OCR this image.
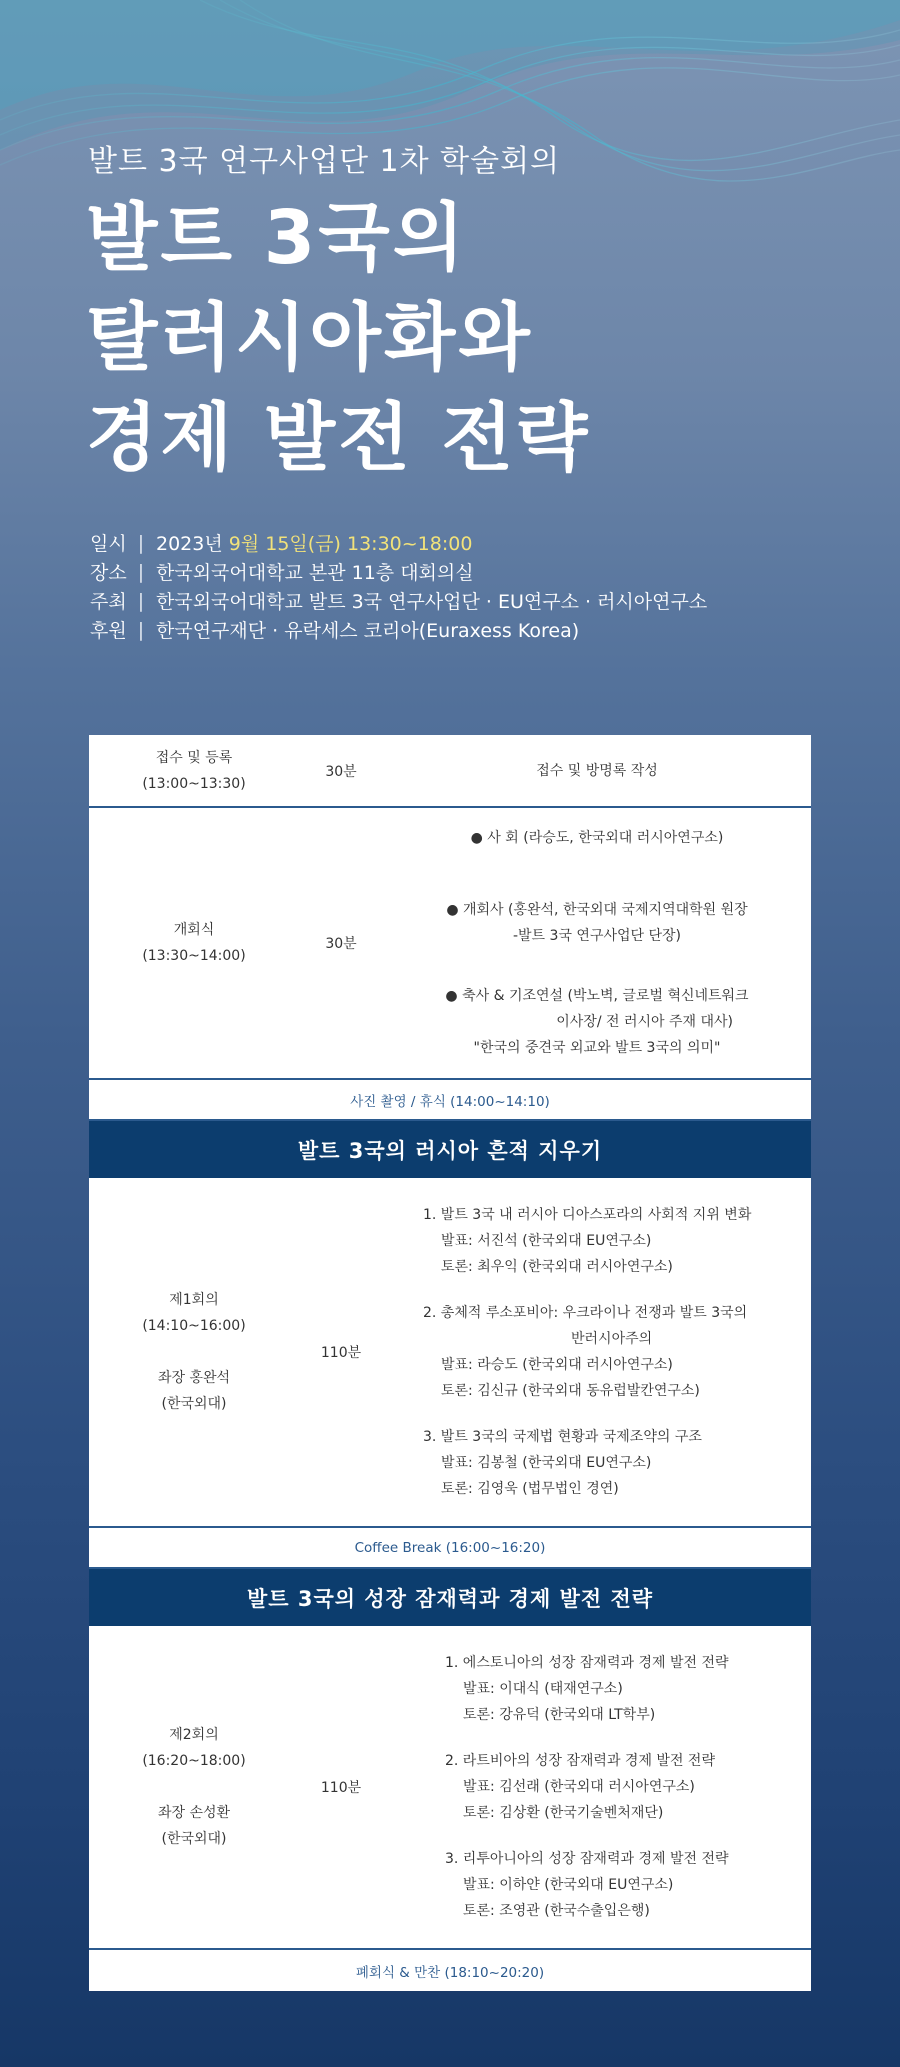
발트 3국 연구사업단 1차 학술회의
발트 3국의
탈러시아화와
경제 발전 전략
일시 | 2023년 9월 15일(금) 13:30~18:00
장소 | 한국외국어대학교 본관 11층 대회의실
주최 | 한국외국어대학교 발트 3국 연구사업단 · EU연구소 · 러시아연구소
후원 | 한국연구재단 · 유락세스 코리아(Euraxess Korea)
접수 및 등록
(13:00~13:30)
30분	접수 및 방명록 작성
개회식
(13:30~14:00)
30분
● 사 회 (라승도, 한국외대 러시아연구소)
● 개회사 (홍완석, 한국외대 국제지역대학원 원장
-발트 3국 연구사업단 단장)
● 축사 & 기조연설 (박노벽, 글로벌 혁신네트워크
이사장/ 전 러시아 주재 대사)
"한국의 중견국 외교와 발트 3국의 의미"
사진 촬영 / 휴식 (14:00~14:10)
발트 3국의 러시아 흔적 지우기
제1회의
(14:10~16:00)
좌장 홍완석
(한국외대)
110분
1. 발트 3국 내 러시아 디아스포라의 사회적 지위 변화
발표: 서진석 (한국외대 EU연구소)
토론: 최우익 (한국외대 러시아연구소)
2. 총체적 루소포비아: 우크라이나 전쟁과 발트 3국의
반러시아주의
발표: 라승도 (한국외대 러시아연구소)
토론: 김신규 (한국외대 동유럽발칸연구소)
3. 발트 3국의 국제법 현황과 국제조약의 구조
발표: 김봉철 (한국외대 EU연구소)
토론: 김영욱 (법무법인 경연)
Coffee Break (16:00~16:20)
발트 3국의 성장 잠재력과 경제 발전 전략
제2회의
(16:20~18:00)
좌장 손성환
(한국외대)
110분
1. 에스토니아의 성장 잠재력과 경제 발전 전략
발표: 이대식 (태재연구소)
토론: 강유덕 (한국외대 LT학부)
2. 라트비아의 성장 잠재력과 경제 발전 전략
발표: 김선래 (한국외대 러시아연구소)
토론: 김상환 (한국기술벤처재단)
3. 리투아니아의 성장 잠재력과 경제 발전 전략
발표: 이하얀 (한국외대 EU연구소)
토론: 조영관 (한국수출입은행)
폐회식 & 만찬 (18:10~20:20)
